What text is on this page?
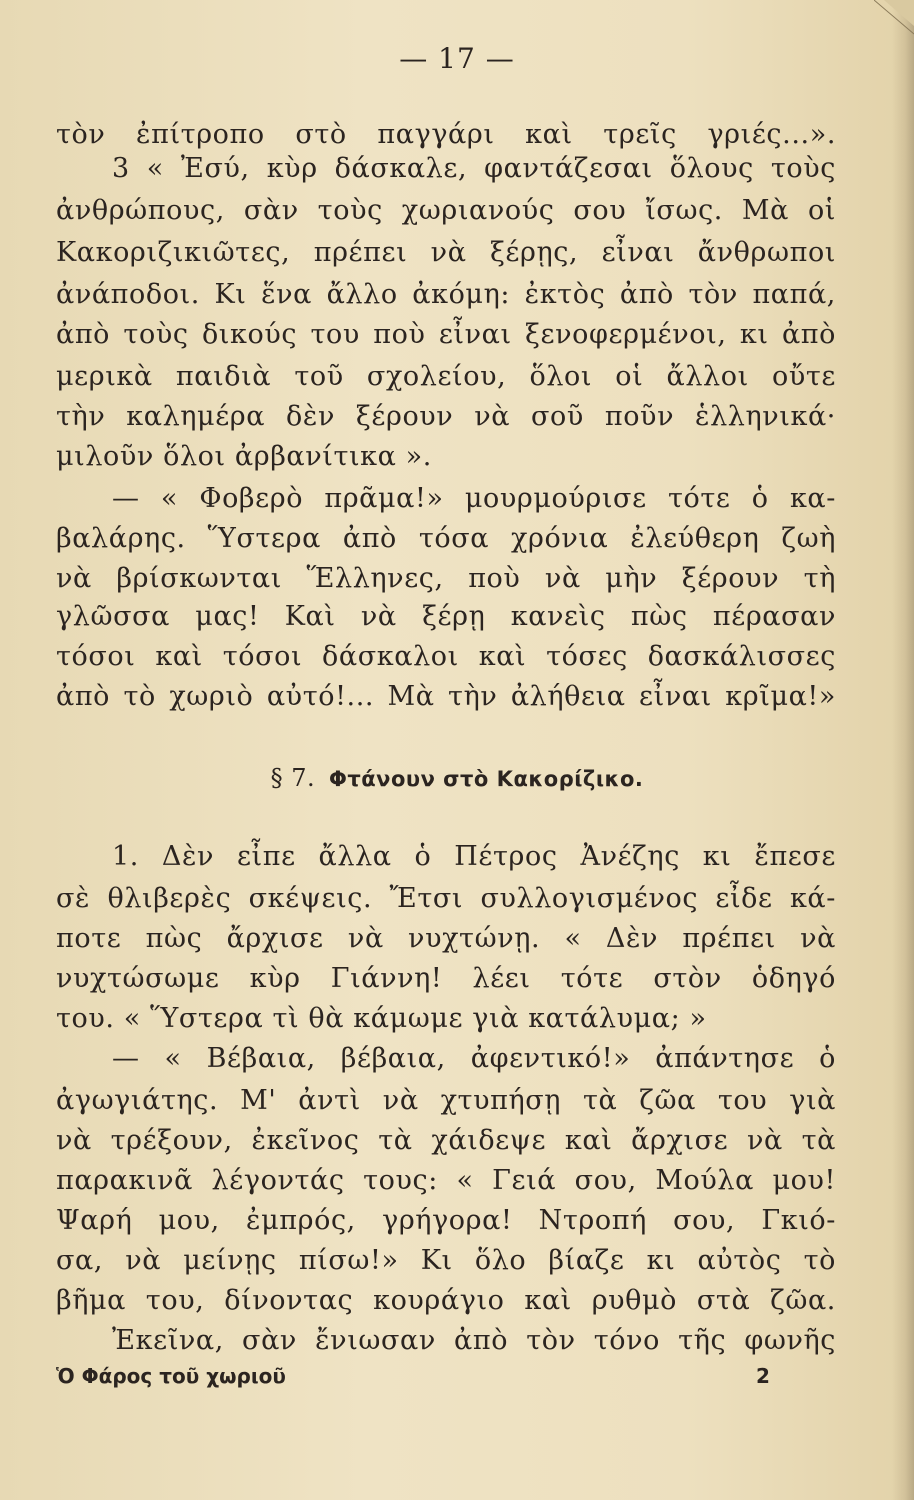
— 17 —
τὸν ἐπίτροπο στὸ παγγάρι καὶ τρεῖς γριές...».
3 « Ἐσύ, κὺρ δάσκαλε, φαντάζεσαι ὅλους τοὺς
ἀνθρώπους, σὰν τοὺς χωριανούς σου ἴσως. Μὰ οἱ
Κακοριζικιῶτες, πρέπει νὰ ξέρῃς, εἶναι ἄνθρωποι
ἀνάποδοι. Κι ἕνα ἄλλο ἀκόμη: ἐκτὸς ἀπὸ τὸν παπά,
ἀπὸ τοὺς δικούς του ποὺ εἶναι ξενοφερμένοι, κι ἀπὸ
μερικὰ παιδιὰ τοῦ σχολείου, ὅλοι οἱ ἄλλοι οὔτε
τὴν καλημέρα δὲν ξέρουν νὰ σοῦ ποῦν ἑλληνικά·
μιλοῦν ὅλοι ἀρβανίτικα ».
— « Φοβερὸ πρᾶμα!» μουρμούρισε τότε ὁ κα-
βαλάρης. Ὕστερα ἀπὸ τόσα χρόνια ἐλεύθερη ζωὴ
νὰ βρίσκωνται Ἕλληνες, ποὺ νὰ μὴν ξέρουν τὴ
γλῶσσα μας! Καὶ νὰ ξέρῃ κανεὶς πὼς πέρασαν
τόσοι καὶ τόσοι δάσκαλοι καὶ τόσες δασκάλισσες
ἀπὸ τὸ χωριὸ αὐτό!... Μὰ τὴν ἀλήθεια εἶναι κρῖμα!»
§ 7. Φτάνουν στὸ Κακορίζικο.
1. Δὲν εἶπε ἄλλα ὁ Πέτρος Ἀνέζης κι ἔπεσε
σὲ θλιβερὲς σκέψεις. Ἔτσι συλλογισμένος εἶδε κά-
ποτε πὼς ἄρχισε νὰ νυχτώνῃ. « Δὲν πρέπει νὰ
νυχτώσωμε κὺρ Γιάννη! λέει τότε στὸν ὁδηγό
του. « Ὕστερα τὶ θὰ κάμωμε γιὰ κατάλυμα; »
— « Βέβαια, βέβαια, ἀφεντικό!» ἀπάντησε ὁ
ἀγωγιάτης. Μ' ἀντὶ νὰ χτυπήσῃ τὰ ζῶα του γιὰ
νὰ τρέξουν, ἐκεῖνος τὰ χάιδεψε καὶ ἄρχισε νὰ τὰ
παρακινᾶ λέγοντάς τους: « Γειά σου, Μούλα μου!
Ψαρή μου, ἐμπρός, γρήγορα! Ντροπή σου, Γκιό-
σα, νὰ μείνῃς πίσω!» Κι ὅλο βίαζε κι αὐτὸς τὸ
βῆμα του, δίνοντας κουράγιο καὶ ρυθμὸ στὰ ζῶα.
Ἐκεῖνα, σὰν ἔνιωσαν ἀπὸ τὸν τόνο τῆς φωνῆς
Ὁ Φάρος τοῦ χωριοῦ	2
